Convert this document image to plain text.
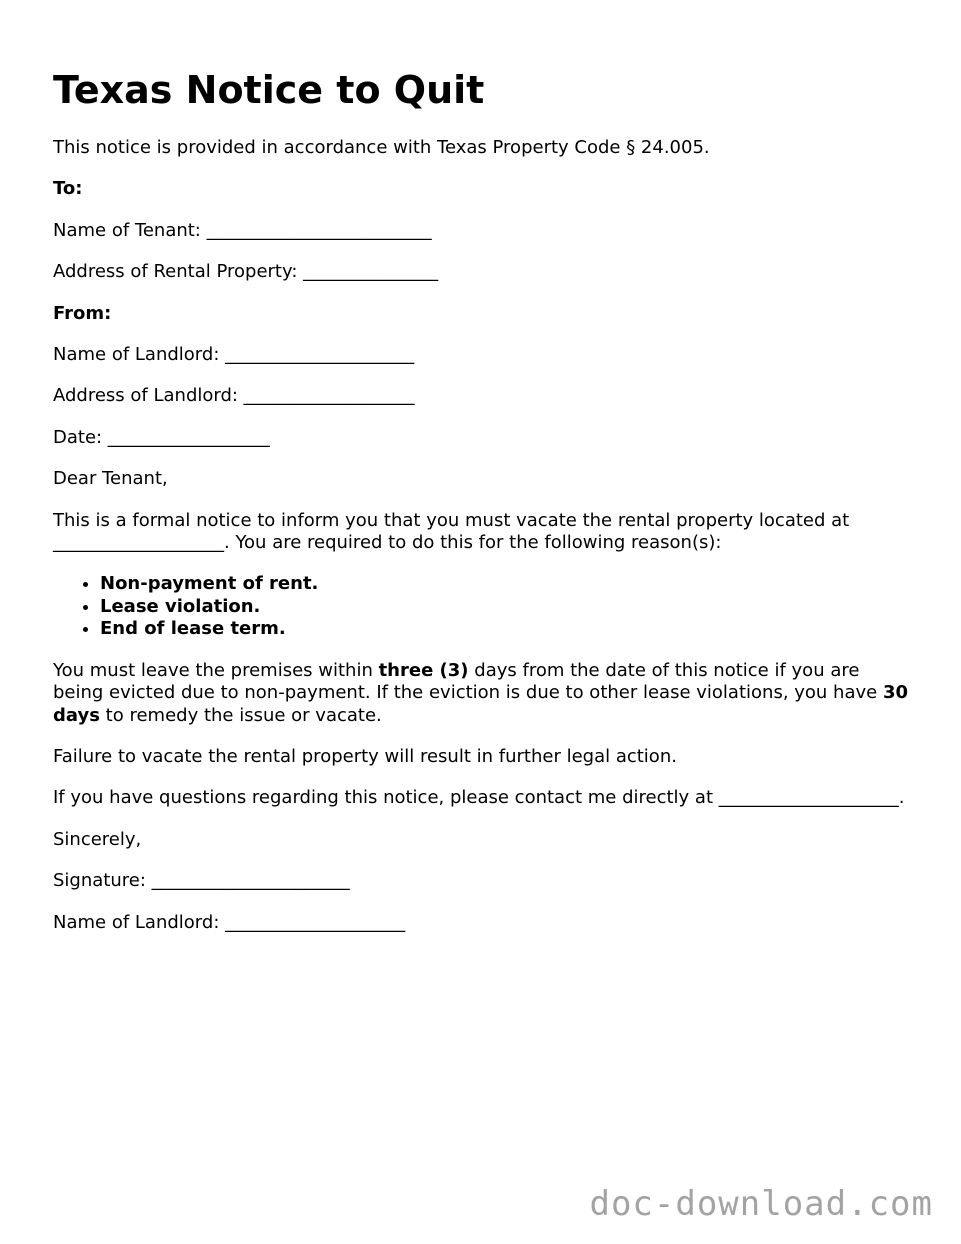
Texas Notice to Quit

This notice is provided in accordance with Texas Property Code § 24.005.

To:

Name of Tenant: _________________________

Address of Rental Property: _______________

From:

Name of Landlord: _____________________

Address of Landlord: ___________________

Date: __________________

Dear Tenant,

This is a formal notice to inform you that you must vacate the rental property located at ___________________. You are required to do this for the following reason(s):

• Non-payment of rent.
• Lease violation.
• End of lease term.

You must leave the premises within three (3) days from the date of this notice if you are being evicted due to non-payment. If the eviction is due to other lease violations, you have 30 days to remedy the issue or vacate.

Failure to vacate the rental property will result in further legal action.

If you have questions regarding this notice, please contact me directly at ____________________.

Sincerely,

Signature: ______________________

Name of Landlord: ____________________

doc-download.com
